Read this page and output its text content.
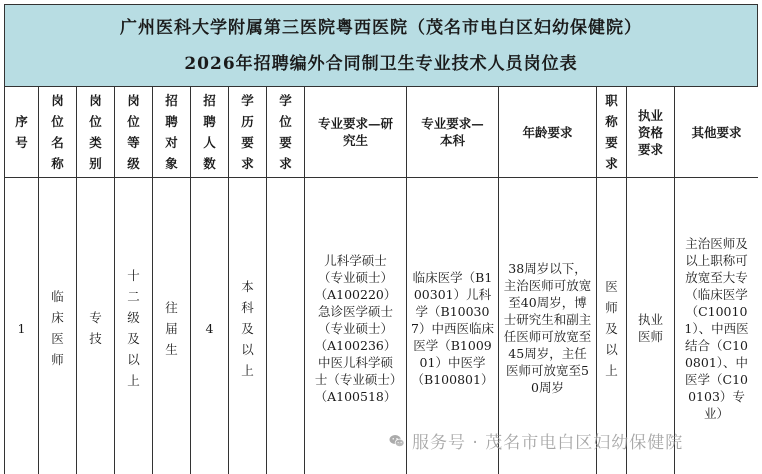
广州医科大学附属第三医院粤西医院（茂名市电白区妇幼保健院）
2026年招聘编外合同制卫生专业技术人员岗位表
序号	岗位名称	岗位类别	岗位等级	招聘对象	招聘人数	学历要求	学位要求	专业要求—研究生	专业要求—本科	年龄要求	职称要求	执业资格要求	其他要求
1	临床医师	专技	十二级及以上	往届生	4	本科及以上		儿科学硕士（专业硕士）（A100220）急诊医学硕士（专业硕士）（A100236）中医儿科学硕士（专业硕士）（A100518）	临床医学（B100301）儿科学（B100307）中西医临床医学（B100901）中医学（B100801）	38周岁以下，主治医师可放宽至40周岁，博士研究生和副主任医师可放宽至45周岁，主任医师可放宽至50周岁	医师及以上	执业医师	主治医师及以上职称可放宽至大专（临床医学（C100101）、中西医结合（C100801）、中医学（C100103）专业）
服务号 · 茂名市电白区妇幼保健院
